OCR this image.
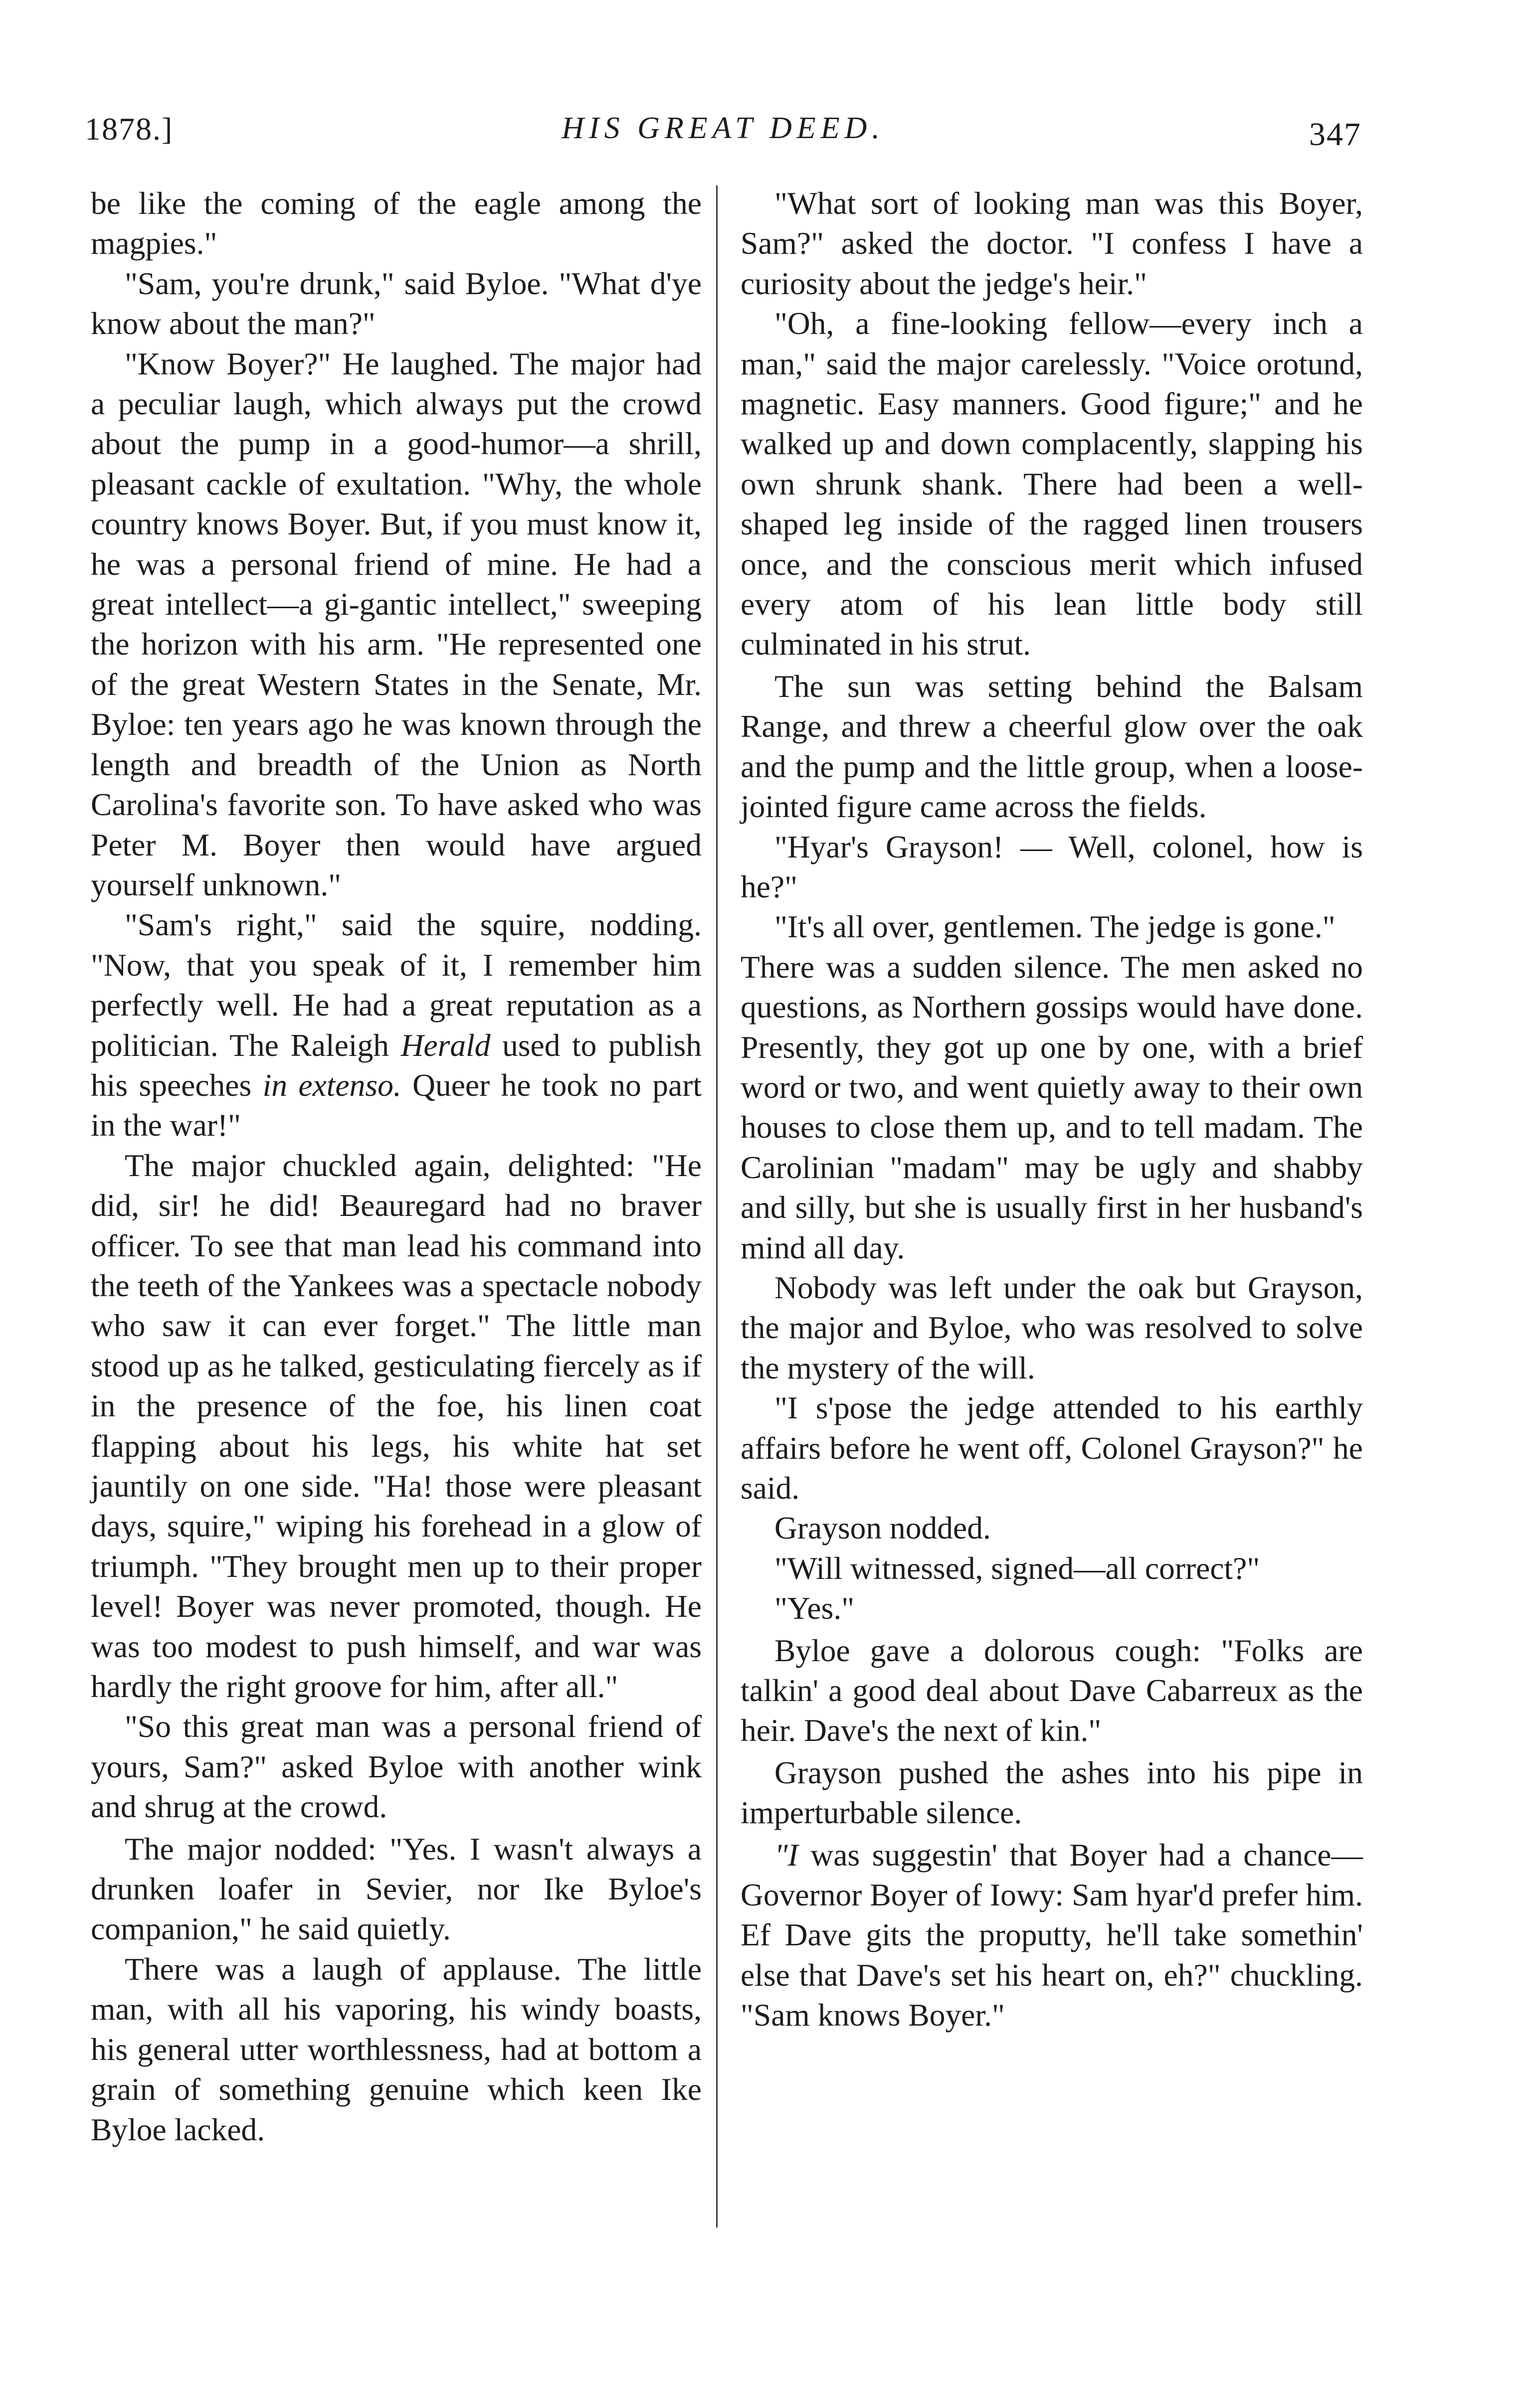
1878.]	HIS GREAT DEED.	347

be like the coming of the eagle among the magpies."

"Sam, you're drunk," said Byloe. "What d'ye know about the man?"

"Know Boyer?" He laughed. The major had a peculiar laugh, which always put the crowd about the pump in a good-humor—a shrill, pleasant cackle of exultation. "Why, the whole country knows Boyer. But, if you must know it, he was a personal friend of mine. He had a great intellect—a gi-gantic intellect," sweeping the horizon with his arm. "He represented one of the great Western States in the Senate, Mr. Byloe: ten years ago he was known through the length and breadth of the Union as North Carolina's favorite son. To have asked who was Peter M. Boyer then would have argued yourself unknown."

"Sam's right," said the squire, nodding. "Now, that you speak of it, I remember him perfectly well. He had a great reputation as a politician. The Raleigh Herald used to publish his speeches in extenso. Queer he took no part in the war!"

The major chuckled again, delighted: "He did, sir! he did! Beauregard had no braver officer. To see that man lead his command into the teeth of the Yankees was a spectacle nobody who saw it can ever forget." The little man stood up as he talked, gesticulating fiercely as if in the presence of the foe, his linen coat flapping about his legs, his white hat set jauntily on one side. "Ha! those were pleasant days, squire," wiping his forehead in a glow of triumph. "They brought men up to their proper level! Boyer was never promoted, though. He was too modest to push himself, and war was hardly the right groove for him, after all."

"So this great man was a personal friend of yours, Sam?" asked Byloe with another wink and shrug at the crowd.

The major nodded: "Yes. I wasn't always a drunken loafer in Sevier, nor Ike Byloe's companion," he said quietly.

There was a laugh of applause. The little man, with all his vaporing, his windy boasts, his general utter worthlessness, had at bottom a grain of something genuine which keen Ike Byloe lacked.

"What sort of looking man was this Boyer, Sam?" asked the doctor. "I confess I have a curiosity about the jedge's heir."

"Oh, a fine-looking fellow—every inch a man," said the major carelessly. "Voice orotund, magnetic. Easy manners. Good figure;" and he walked up and down complacently, slapping his own shrunk shank. There had been a well-shaped leg inside of the ragged linen trousers once, and the conscious merit which infused every atom of his lean little body still culminated in his strut.

The sun was setting behind the Balsam Range, and threw a cheerful glow over the oak and the pump and the little group, when a loose-jointed figure came across the fields.

"Hyar's Grayson! — Well, colonel, how is he?"

"It's all over, gentlemen. The jedge is gone."

There was a sudden silence. The men asked no questions, as Northern gossips would have done. Presently, they got up one by one, with a brief word or two, and went quietly away to their own houses to close them up, and to tell madam. The Carolinian "madam" may be ugly and shabby and silly, but she is usually first in her husband's mind all day.

Nobody was left under the oak but Grayson, the major and Byloe, who was resolved to solve the mystery of the will.

"I s'pose the jedge attended to his earthly affairs before he went off, Colonel Grayson?" he said.

Grayson nodded.

"Will witnessed, signed—all correct?"

"Yes."

Byloe gave a dolorous cough: "Folks are talkin' a good deal about Dave Cabarreux as the heir. Dave's the next of kin."

Grayson pushed the ashes into his pipe in imperturbable silence.

"I was suggestin' that Boyer had a chance—Governor Boyer of Iowy: Sam hyar'd prefer him. Ef Dave gits the proputty, he'll take somethin' else that Dave's set his heart on, eh?" chuckling. "Sam knows Boyer."
